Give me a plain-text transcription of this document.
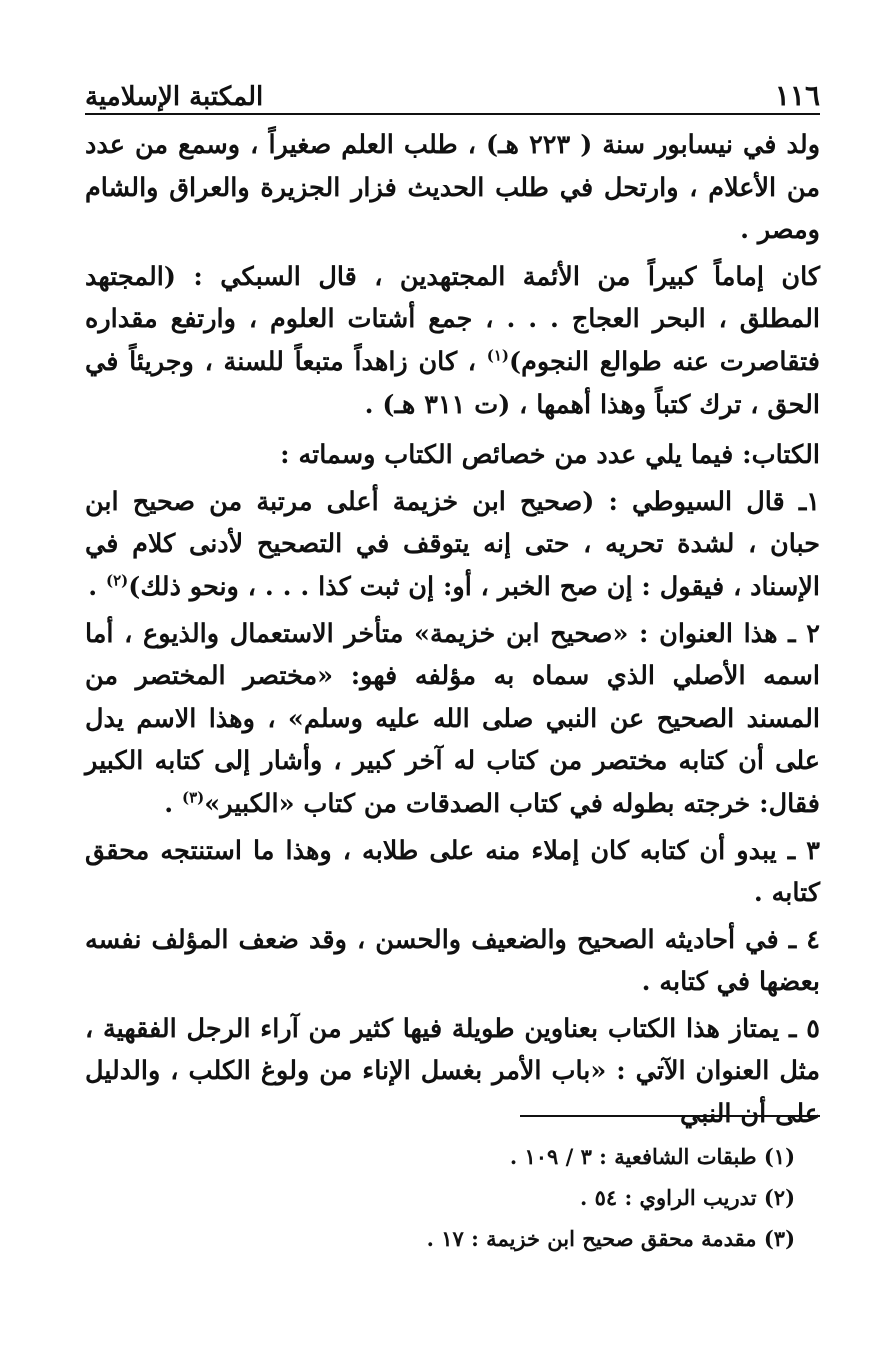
١١٦
المكتبة الإسلامية

ولد في نيسابور سنة ( ٢٢٣ هـ) ، طلب العلم صغيراً ، وسمع من عدد من الأعلام ، وارتحل في طلب الحديث فزار الجزيرة والعراق والشام ومصر .

كان إماماً كبيراً من الأئمة المجتهدين ، قال السبكي : (المجتهد المطلق ، البحر العجاج . . . ، جمع أشتات العلوم ، وارتفع مقداره فتقاصرت عنه طوالع النجوم)$^{(١)}$ ، كان زاهداً متبعاً للسنة ، وجريئاً في الحق ، ترك كتباً وهذا أهمها ، (ت ٣١١ هـ) .

الكتاب: فيما يلي عدد من خصائص الكتاب وسماته :

١ـ قال السيوطي : (صحيح ابن خزيمة أعلى مرتبة من صحيح ابن حبان ، لشدة تحريه ، حتى إنه يتوقف في التصحيح لأدنى كلام في الإسناد ، فيقول : إن صح الخبر ، أو: إن ثبت كذا . . . ، ونحو ذلك)$^{(٢)}$ .

٢ ـ هذا العنوان : «صحيح ابن خزيمة» متأخر الاستعمال والذيوع ، أما اسمه الأصلي الذي سماه به مؤلفه فهو: «مختصر المختصر من المسند الصحيح عن النبي صلى الله عليه وسلم» ، وهذا الاسم يدل على أن كتابه مختصر من كتاب له آخر كبير ، وأشار إلى كتابه الكبير فقال: خرجته بطوله في كتاب الصدقات من كتاب «الكبير»$^{(٣)}$ .

٣ ـ يبدو أن كتابه كان إملاء منه على طلابه ، وهذا ما استنتجه محقق كتابه .

٤ ـ في أحاديثه الصحيح والضعيف والحسن ، وقد ضعف المؤلف نفسه بعضها في كتابه .

٥ ـ يمتاز هذا الكتاب بعناوين طويلة فيها كثير من آراء الرجل الفقهية ، مثل العنوان الآتي : «باب الأمر بغسل الإناء من ولوغ الكلب ، والدليل على أن النبي

(١) طبقات الشافعية : ٣ / ١٠٩ .

(٢) تدريب الراوي : ٥٤ .

(٣) مقدمة محقق صحيح ابن خزيمة : ١٧ .
